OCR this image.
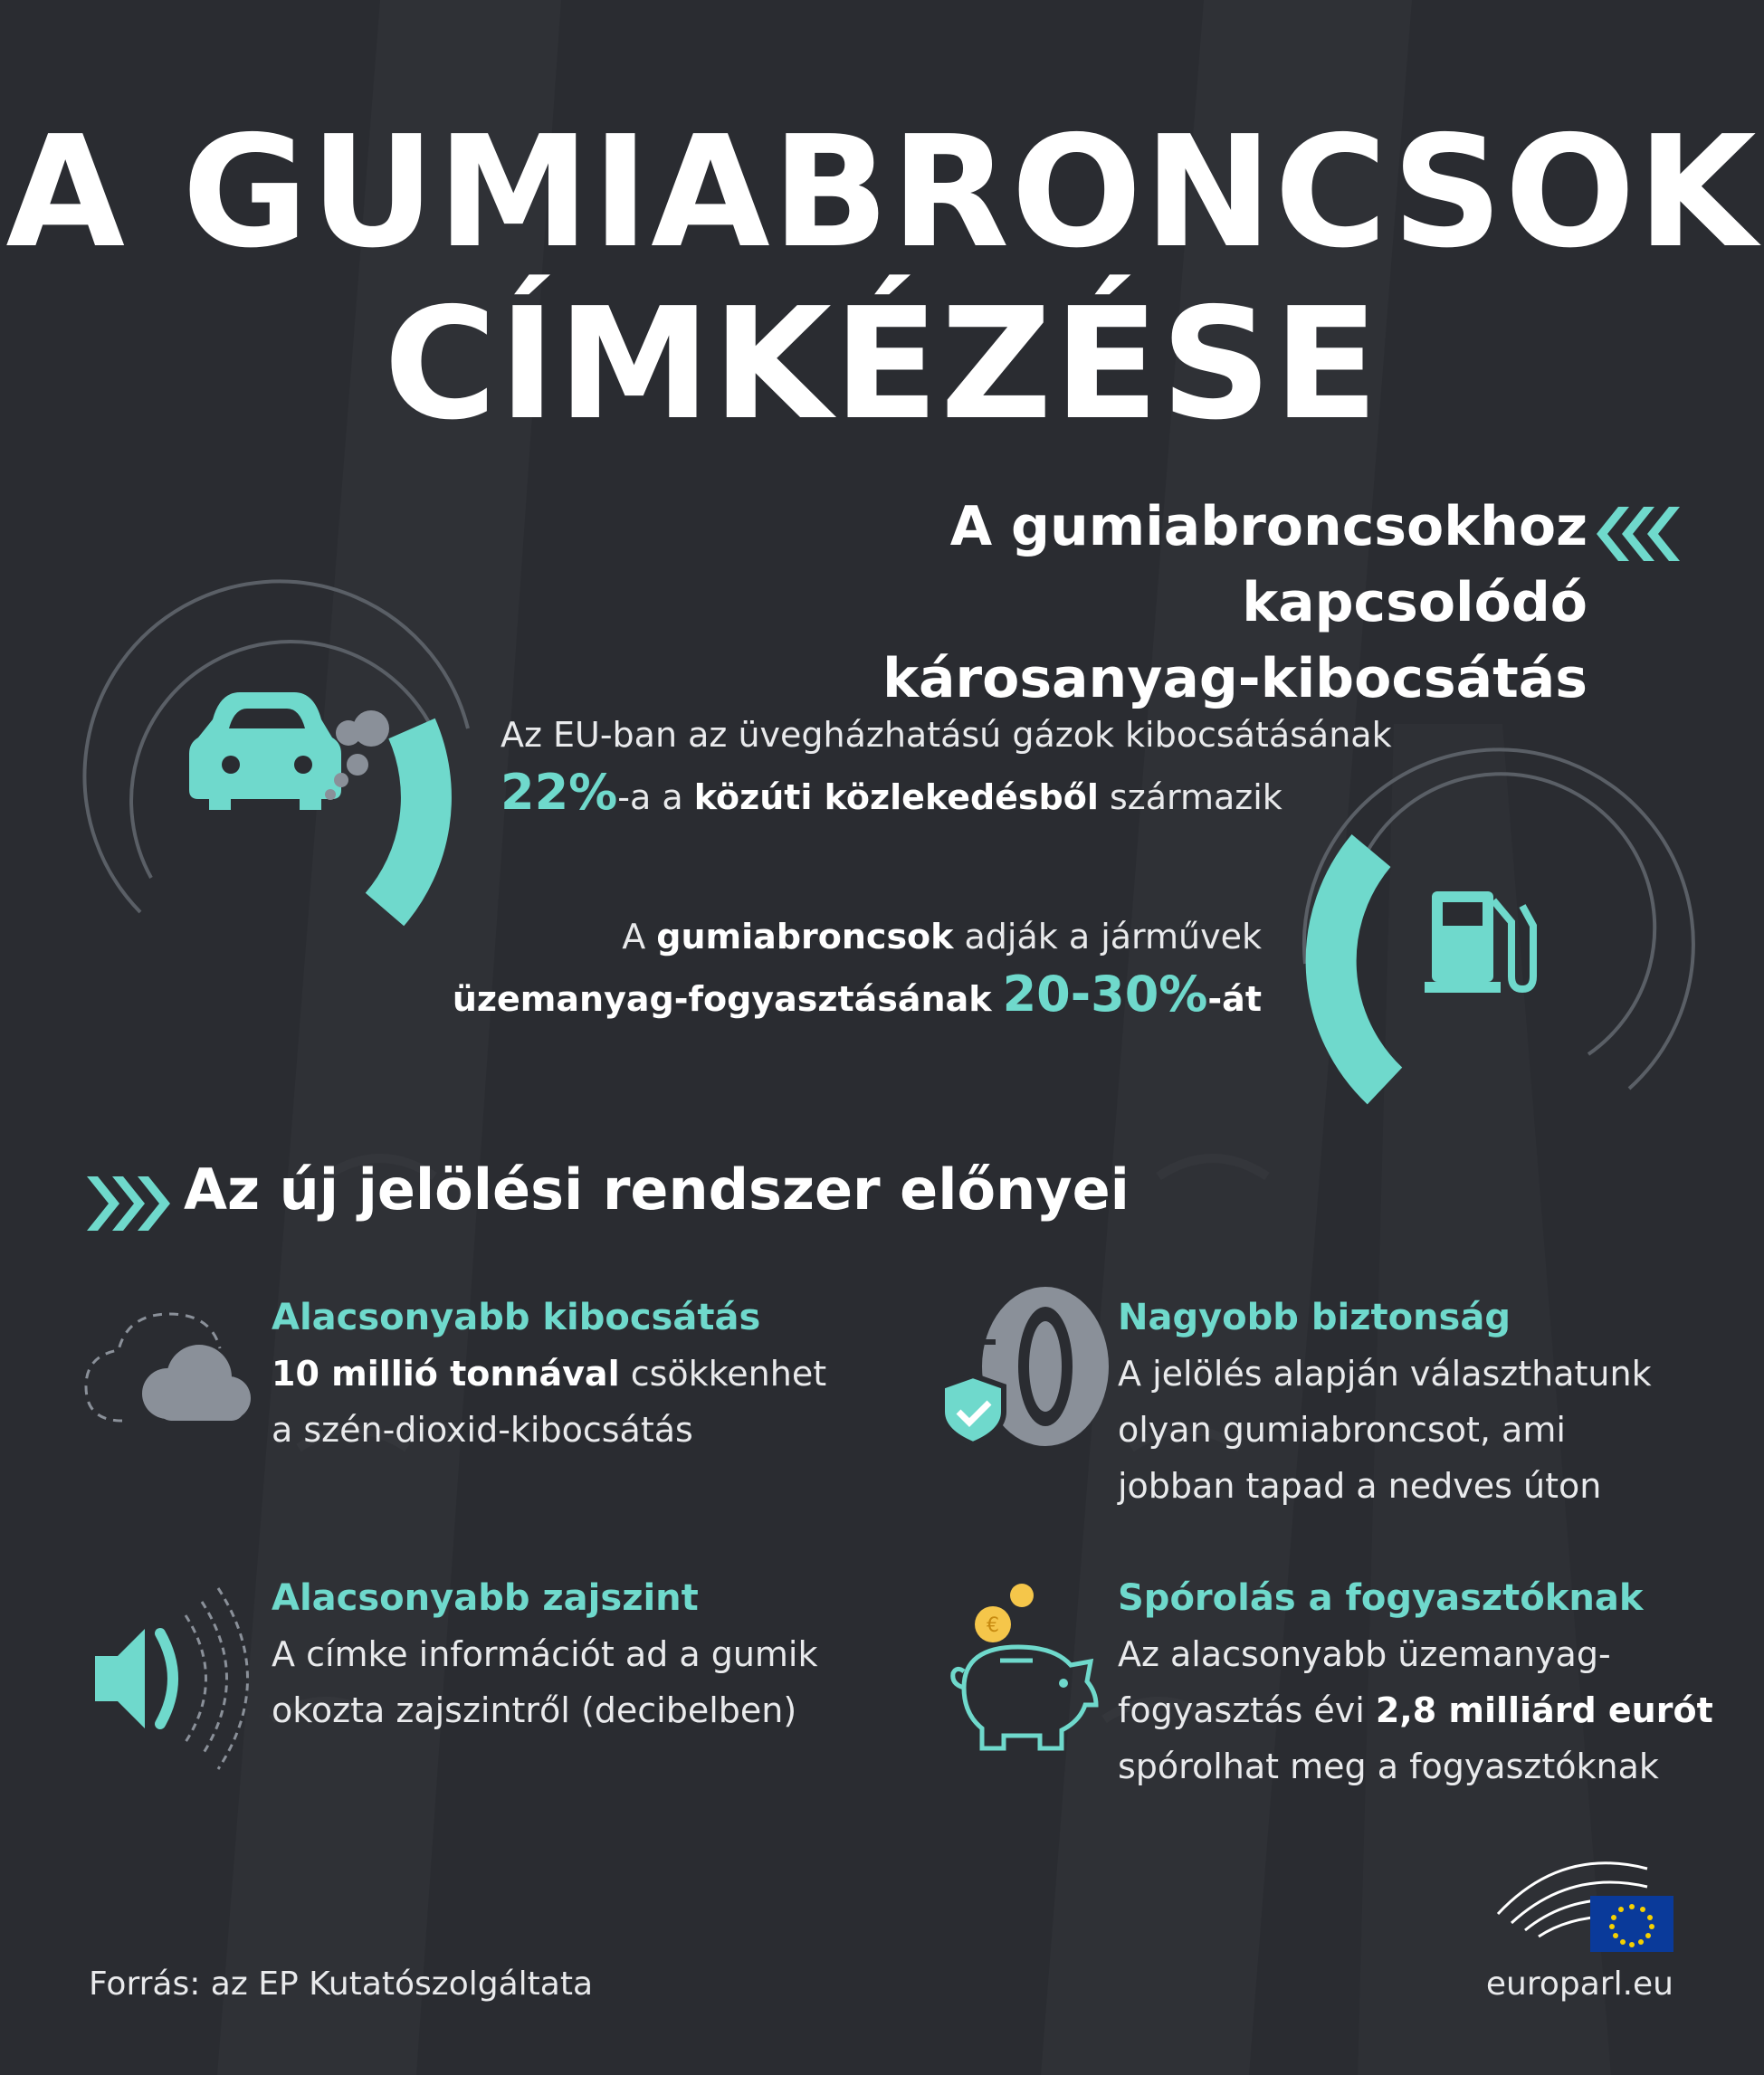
A GUMIABRONCSOK
CÍMKÉZÉSE
A gumiabroncsokhoz kapcsolódó
károsanyag-kibocsátás
Az EU-ban az üvegházhatású gázok kibocsátásának
22%-a a közúti közlekedésből származik
A gumiabroncsok adják a járművek
üzemanyag-fogyasztásának 20-30%-át
Az új jelölési rendszer előnyei
Alacsonyabb kibocsátás
10 millió tonnával csökkenhet
a szén-dioxid-kibocsátás
Nagyobb biztonság
A jelölés alapján választhatunk
olyan gumiabroncsot, ami
jobban tapad a nedves úton
Alacsonyabb zajszint
A címke információt ad a gumik
okozta zajszintről (decibelben)
€
Spórolás a fogyasztóknak
Az alacsonyabb üzemanyag-
fogyasztás évi 2,8 milliárd eurót
spórolhat meg a fogyasztóknak
Forrás: az EP Kutatószolgáltata	europarl.eu
